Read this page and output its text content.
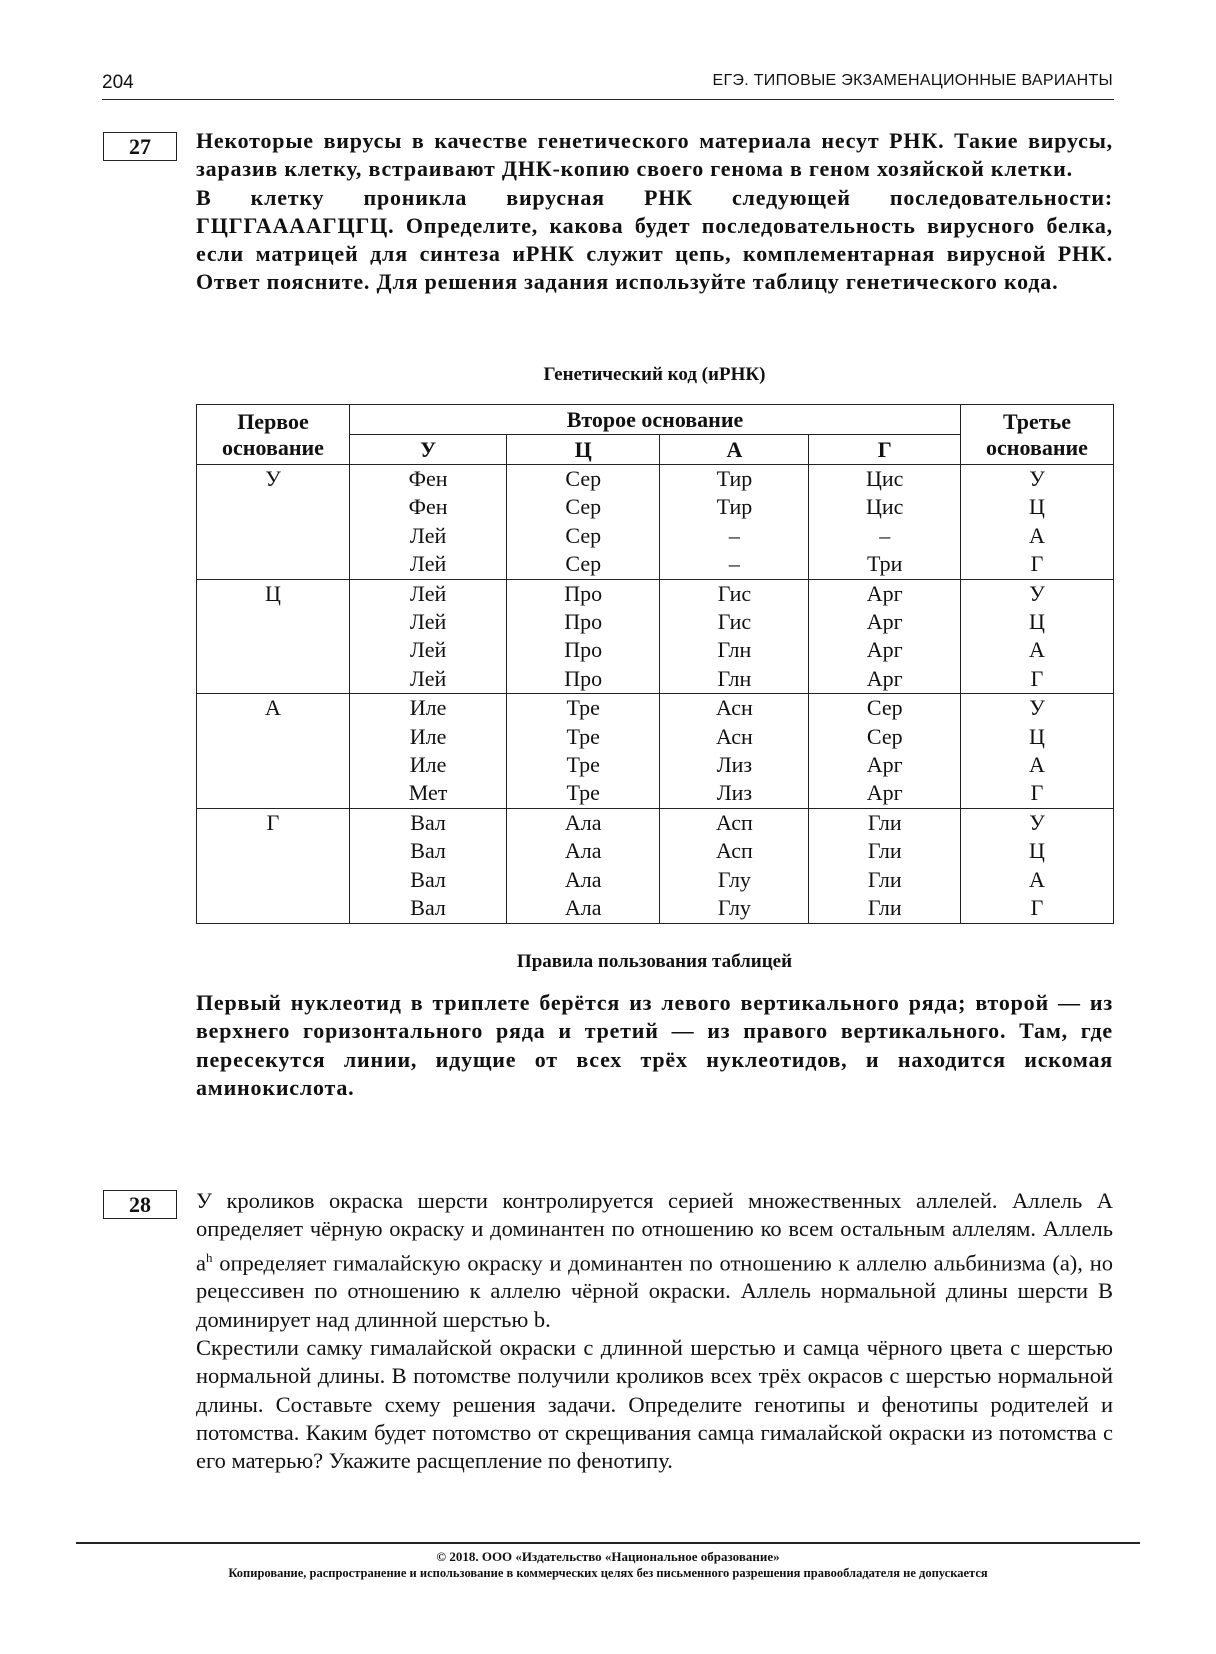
204	ЕГЭ. ТИПОВЫЕ ЭКЗАМЕНАЦИОННЫЕ ВАРИАНТЫ
27	Некоторые вирусы в качестве генетического материала несут РНК. Такие вирусы, заразив клетку, встраивают ДНК-копию своего генома в геном хозяйской клетки.

В клетку проникла вирусная РНК следующей последовательности: ГЦГГААААГЦГЦ. Определите, какова будет последовательность вирусного белка, если матрицей для синтеза иРНК служит цепь, комплементарная вирусной РНК. Ответ поясните. Для решения задания используйте таблицу генетического кода.

Генетический код (иРНК)
Первое основание	Второе основание				Третье основание
	У	Ц	А	Г	
У	Фен	Сер	Тир	Цис	У
	Фен	Сер	Тир	Цис	Ц
	Лей	Сер	–	–	А
	Лей	Сер	–	Три	Г
Ц	Лей	Про	Гис	Арг	У
	Лей	Про	Гис	Арг	Ц
	Лей	Про	Глн	Арг	А
	Лей	Про	Глн	Арг	Г
А	Иле	Тре	Асн	Сер	У
	Иле	Тре	Асн	Сер	Ц
	Иле	Тре	Лиз	Арг	А
	Мет	Тре	Лиз	Арг	Г
Г	Вал	Ала	Асп	Гли	У
	Вал	Ала	Асп	Гли	Ц
	Вал	Ала	Глу	Гли	А
	Вал	Ала	Глу	Гли	Г
Правила пользования таблицей
Первый нуклеотид в триплете берётся из левого вертикального ряда; второй — из верхнего горизонтального ряда и третий — из правого вертикального. Там, где пересекутся линии, идущие от всех трёх нуклеотидов, и находится искомая аминокислота.
28	У кроликов окраска шерсти контролируется серией множественных аллелей. Аллель А определяет чёрную окраску и доминантен по отношению ко всем остальным аллелям. Аллель $а^h$ определяет гималайскую окраску и доминантен по отношению к аллелю альбинизма (а), но рецессивен по отношению к аллелю чёрной окраски. Аллель нормальной длины шерсти В доминирует над длинной шерстью b.

Скрестили самку гималайской окраски с длинной шерстью и самца чёрного цвета с шерстью нормальной длины. В потомстве получили кроликов всех трёх окрасов с шерстью нормальной длины. Составьте схему решения задачи. Определите генотипы и фенотипы родителей и потомства. Каким будет потомство от скрещивания самца гималайской окраски из потомства с его матерью? Укажите расщепление по фенотипу.

© 2018. ООО «Издательство «Национальное образование»
Копирование, распространение и использование в коммерческих целях без письменного разрешения правообладателя не допускается
